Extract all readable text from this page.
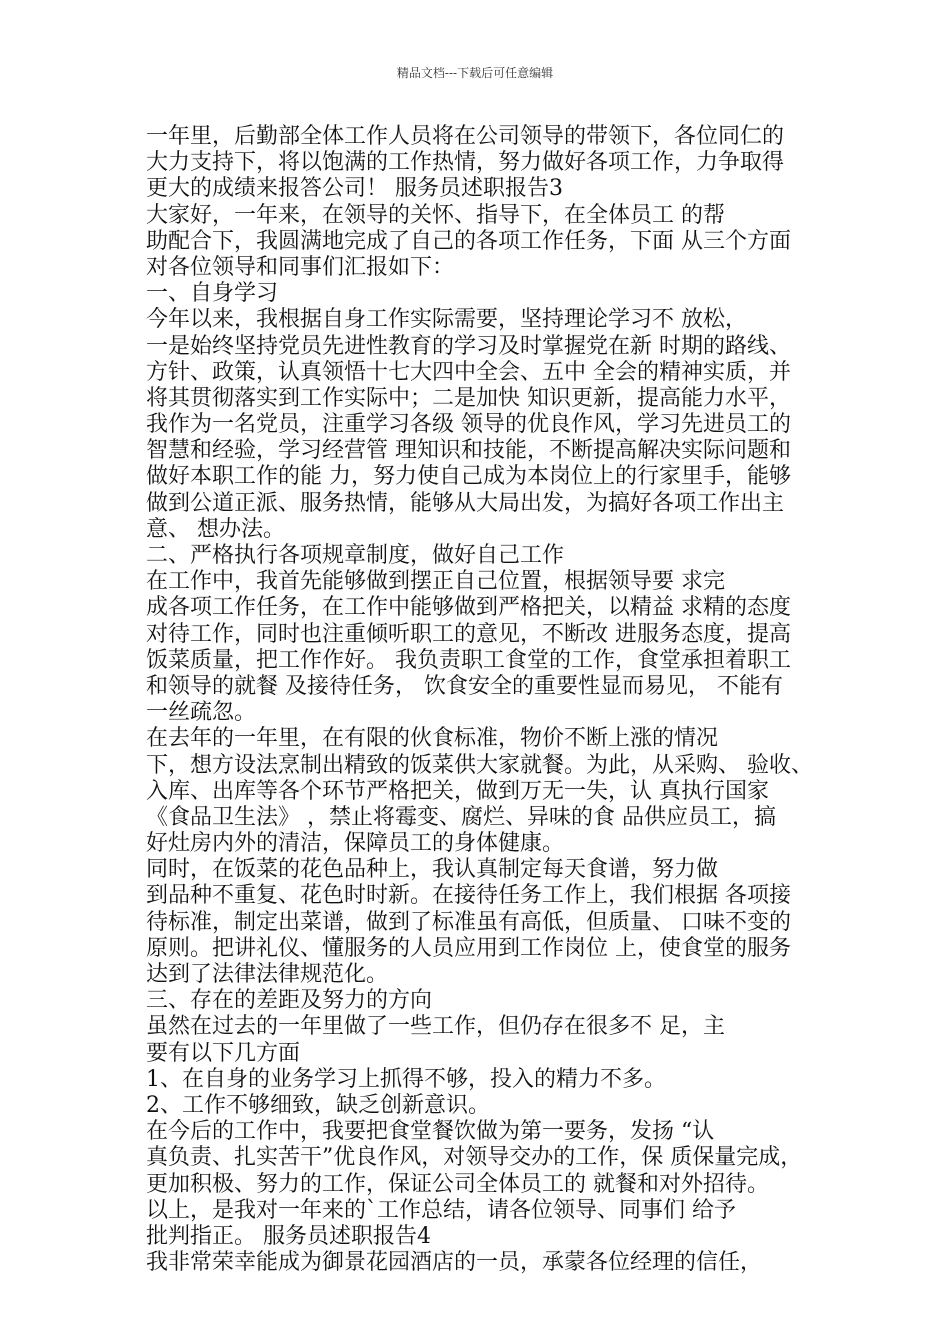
精品文档---下载后可任意编辑
一年里，后勤部全体工作人员将在公司领导的带领下，各位同仁的
大力支持下，将以饱满的工作热情，努力做好各项工作，力争取得
更大的成绩来报答公司！ 服务员述职报告3
大家好，一年来，在领导的关怀、指导下，在全体员工 的帮
助配合下，我圆满地完成了自己的各项工作任务，下面 从三个方面
对各位领导和同事们汇报如下：
一、自身学习
今年以来，我根据自身工作实际需要，坚持理论学习不 放松，
一是始终坚持党员先进性教育的学习及时掌握党在新 时期的路线、
方针、政策，认真领悟十七大四中全会、五中 全会的精神实质，并
将其贯彻落实到工作实际中；二是加快 知识更新，提高能力水平，
我作为一名党员，注重学习各级 领导的优良作风，学习先进员工的
智慧和经验，学习经营管 理知识和技能，不断提高解决实际问题和
做好本职工作的能 力，努力使自己成为本岗位上的行家里手，能够
做到公道正派、服务热情，能够从大局出发，为搞好各项工作出主
意、 想办法。
二、严格执行各项规章制度，做好自己工作
在工作中，我首先能够做到摆正自己位置，根据领导要 求完
成各项工作任务，在工作中能够做到严格把关，以精益 求精的态度
对待工作，同时也注重倾听职工的意见，不断改 进服务态度，提高
饭菜质量，把工作作好。 我负责职工食堂的工作，食堂承担着职工
和领导的就餐 及接待任务， 饮食安全的重要性显而易见， 不能有
一丝疏忽。
在去年的一年里，在有限的伙食标准，物价不断上涨的情况
下，想方设法烹制出精致的饭菜供大家就餐。为此，从采购、 验收、
入库、出库等各个环节严格把关，做到万无一失，认 真执行国家
《食品卫生法》 ，禁止将霉变、腐烂、异味的食 品供应员工，搞
好灶房内外的清洁，保障员工的身体健康。
同时，在饭菜的花色品种上，我认真制定每天食谱，努力做
到品种不重复、花色时时新。在接待任务工作上，我们根据 各项接
待标准，制定出菜谱，做到了标准虽有高低，但质量、 口味不变的
原则。把讲礼仪、懂服务的人员应用到工作岗位 上，使食堂的服务
达到了法律法律规范化。
三、存在的差距及努力的方向
虽然在过去的一年里做了一些工作，但仍存在很多不 足，主
要有以下几方面
1、在自身的业务学习上抓得不够，投入的精力不多。
2、工作不够细致，缺乏创新意识。
在今后的工作中，我要把食堂餐饮做为第一要务，发扬 “认
真负责、扎实苦干”优良作风，对领导交办的工作，保 质保量完成，
更加积极、努力的工作，保证公司全体员工的 就餐和对外招待。
以上，是我对一年来的`工作总结，请各位领导、同事们 给予
批判指正。 服务员述职报告4
我非常荣幸能成为御景花园酒店的一员，承蒙各位经理的信任，
